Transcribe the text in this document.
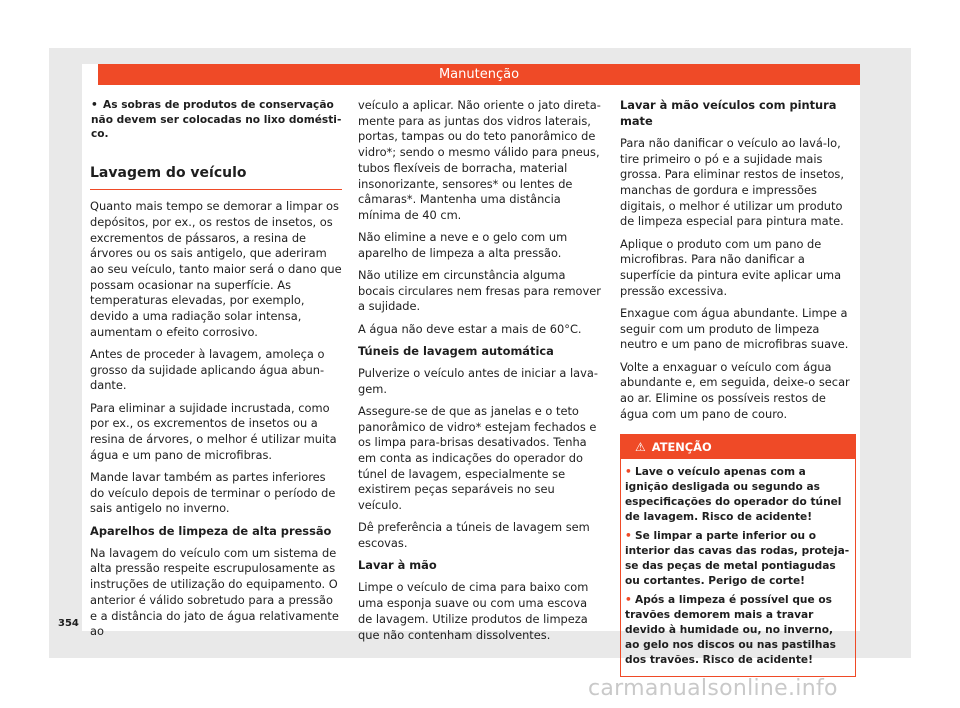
Manutenção

• As sobras de produtos de conservação não devem ser colocadas no lixo doméstico.

Lavagem do veículo

Quanto mais tempo se demorar a limpar os depósitos, por ex., os restos de insetos, os excrementos de pássaros, a resina de árvores ou os sais antigelo, que aderiram ao seu veículo, tanto maior será o dano que possam ocasionar na superfície. As temperaturas elevadas, por exemplo, devido a uma radiação solar intensa, aumentam o efeito corrosivo.

Antes de proceder à lavagem, amoleça o grosso da sujidade aplicando água abundante.

Para eliminar a sujidade incrustada, como por ex., os excrementos de insetos ou a resina de árvores, o melhor é utilizar muita água e um pano de microfibras.

Mande lavar também as partes inferiores do veículo depois de terminar o período de sais antigelo no inverno.

Aparelhos de limpeza de alta pressão

Na lavagem do veículo com um sistema de alta pressão respeite escrupulosamente as instruções de utilização do equipamento. O anterior é válido sobretudo para a pressão e a distância do jato de água relativamente ao

veículo a aplicar. Não oriente o jato diretamente para as juntas dos vidros laterais, portas, tampas ou do teto panorâmico de vidro*; sendo o mesmo válido para pneus, tubos flexíveis de borracha, material insonorizante, sensores* ou lentes de câmaras*. Mantenha uma distância mínima de 40 cm.

Não elimine a neve e o gelo com um aparelho de limpeza a alta pressão.

Não utilize em circunstância alguma bocais circulares nem fresas para remover a sujidade.

A água não deve estar a mais de 60°C.

Túneis de lavagem automática

Pulverize o veículo antes de iniciar a lavagem.

Assegure-se de que as janelas e o teto panorâmico de vidro* estejam fechados e os limpa para-brisas desativados. Tenha em conta as indicações do operador do túnel de lavagem, especialmente se existirem peças separáveis no seu veículo.

Dê preferência a túneis de lavagem sem escovas.

Lavar à mão

Limpe o veículo de cima para baixo com uma esponja suave ou com uma escova de lavagem. Utilize produtos de limpeza que não contenham dissolventes.

Lavar à mão veículos com pintura mate

Para não danificar o veículo ao lavá-lo, tire primeiro o pó e a sujidade mais grossa. Para eliminar restos de insetos, manchas de gordura e impressões digitais, o melhor é utilizar um produto de limpeza especial para pintura mate.

Aplique o produto com um pano de microfibras. Para não danificar a superfície da pintura evite aplicar uma pressão excessiva.

Enxague com água abundante. Limpe a seguir com um produto de limpeza neutro e um pano de microfibras suave.

Volte a enxaguar o veículo com água abundante e, em seguida, deixe-o secar ao ar. Elimine os possíveis restos de água com um pano de couro.

⚠ ATENÇÃO

• Lave o veículo apenas com a ignição desligada ou segundo as especificações do operador do túnel de lavagem. Risco de acidente!

• Se limpar a parte inferior ou o interior das cavas das rodas, proteja-se das peças de metal pontiagudas ou cortantes. Perigo de corte!

• Após a limpeza é possível que os travões demorem mais a travar devido à humidade ou, no inverno, ao gelo nos discos ou nas pastilhas dos travões. Risco de acidente!

354
carmanualsonline.info
